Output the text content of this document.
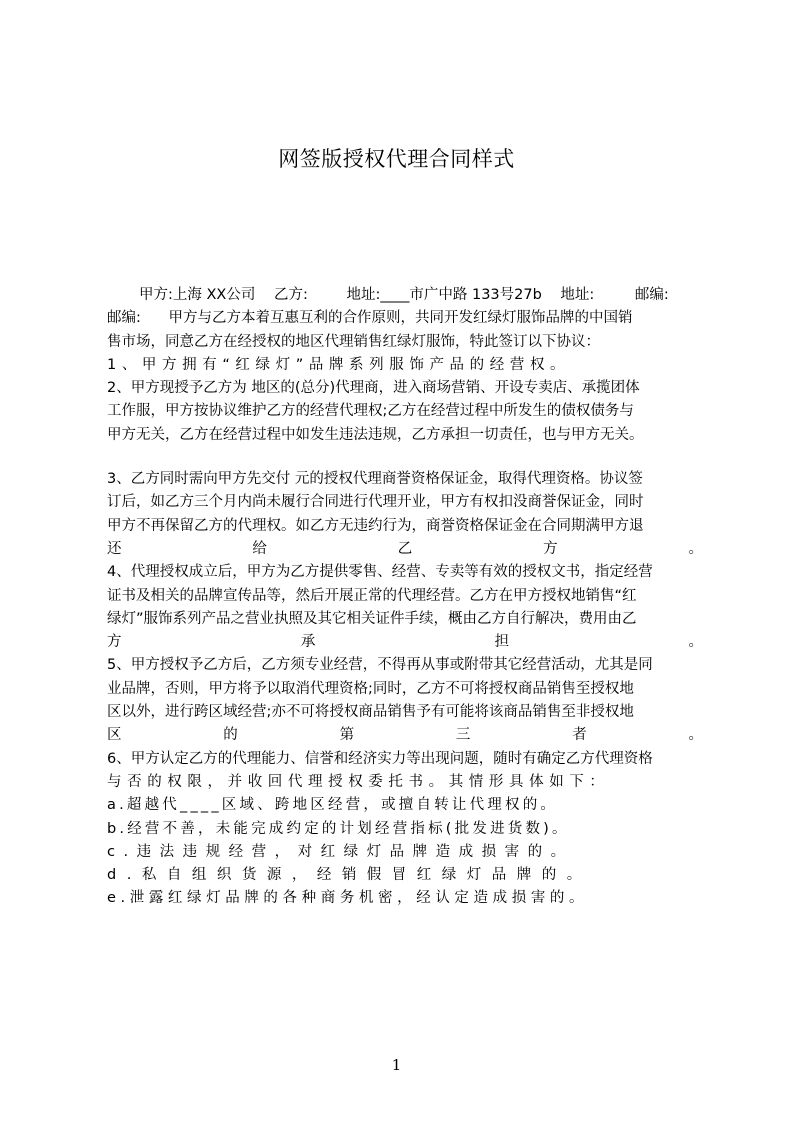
网签版授权代理合同样式
甲方:上海 XX公司 乙方:	地址:____市广中路 133号27b 地址:	邮编:
邮编:      甲方与乙方本着互惠互利的合作原则，共同开发红绿灯服饰品牌的中国销
售市场，同意乙方在经授权的地区代理销售红绿灯服饰，特此签订以下协议：
1、甲方拥有“红绿灯”品牌系列服饰产品的经营权。
2、甲方现授予乙方为 地区的(总分)代理商，进入商场营销、开设专卖店、承揽团体
工作服，甲方按协议维护乙方的经营代理权;乙方在经营过程中所发生的债权债务与
甲方无关，乙方在经营过程中如发生违法违规，乙方承担一切责任，也与甲方无关。
3、乙方同时需向甲方先交付 元的授权代理商誉资格保证金，取得代理资格。协议签
订后，如乙方三个月内尚未履行合同进行代理开业，甲方有权扣没商誉保证金，同时
甲方不再保留乙方的代理权。如乙方无违约行为，商誉资格保证金在合同期满甲方退
还	给	乙	方	。
4、代理授权成立后，甲方为乙方提供零售、经营、专卖等有效的授权文书，指定经营
证书及相关的品牌宣传品等，然后开展正常的代理经营。乙方在甲方授权地销售“红
绿灯”服饰系列产品之营业执照及其它相关证件手续，概由乙方自行解决，费用由乙
方	承	担	。
5、甲方授权予乙方后，乙方须专业经营，不得再从事或附带其它经营活动，尤其是同
业品牌，否则，甲方将予以取消代理资格;同时，乙方不可将授权商品销售至授权地
区以外，进行跨区域经营;亦不可将授权商品销售予有可能将该商品销售至非授权地
区	的	第	三	者	。
6、甲方认定乙方的代理能力、信誉和经济实力等出现问题，随时有确定乙方代理资格
与否的权限，并收回代理授权委托书。其情形具体如下：
a.超越代____区域、跨地区经营，或擅自转让代理权的。
b.经营不善，未能完成约定的计划经营指标(批发进货数)。
c.违法违规经营，对红绿灯品牌造成损害的。
d.私自组织货源，经销假冒红绿灯品牌的。
e.泄露红绿灯品牌的各种商务机密，经认定造成损害的。
1
